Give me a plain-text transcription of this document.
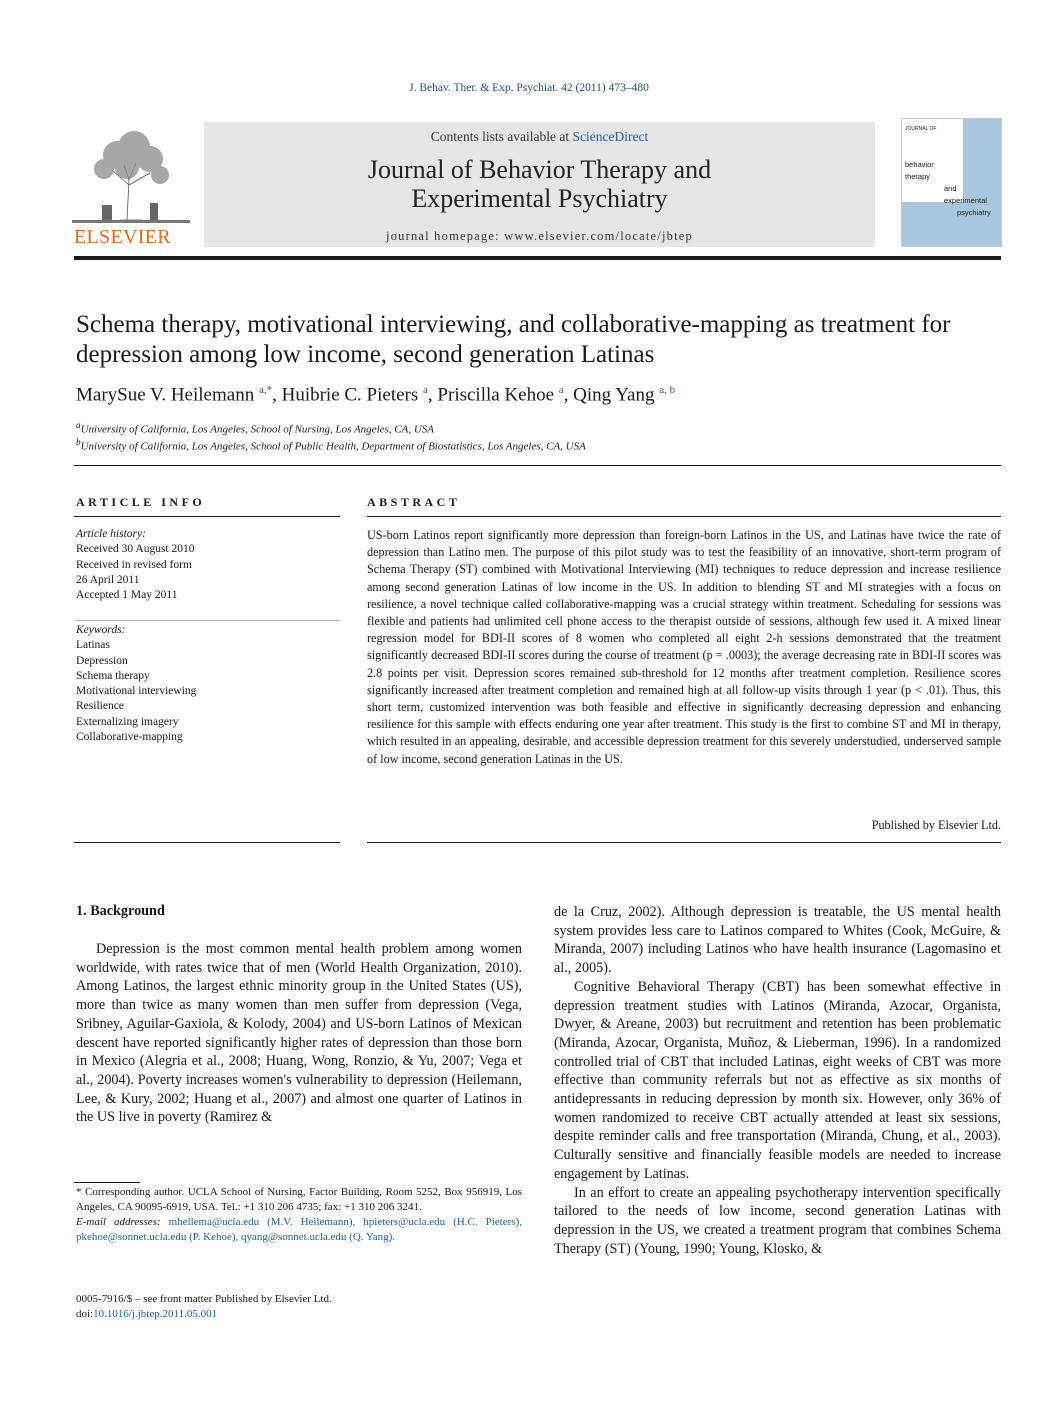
J. Behav. Ther. & Exp. Psychiat. 42 (2011) 473–480
ELSEVIER
Contents lists available at ScienceDirect
Journal of Behavior Therapy and
Experimental Psychiatry
journal homepage: www.elsevier.com/locate/jbtep
JOURNAL OF
behavior
therapy
and
experimental
psychiatry
Schema therapy, motivational interviewing, and collaborative-mapping as treatment for depression among low income, second generation Latinas
MarySue V. Heilemann $^{a,*}$, Huibrie C. Pieters $^a$, Priscilla Kehoe $^a$, Qing Yang $^{a, b}$
$^a$University of California, Los Angeles, School of Nursing, Los Angeles, CA, USA
$^b$University of California, Los Angeles, School of Public Health, Department of Biostatistics, Los Angeles, CA, USA
ARTICLE INFO
Article history:
Received 30 August 2010
Received in revised form
26 April 2011
Accepted 1 May 2011
Keywords:
Latinas
Depression
Schema therapy
Motivational interviewing
Resilience
Externalizing imagery
Collaborative-mapping
ABSTRACT
US-born Latinos report significantly more depression than foreign-born Latinos in the US, and Latinas have twice the rate of depression than Latino men. The purpose of this pilot study was to test the feasibility of an innovative, short-term program of Schema Therapy (ST) combined with Motivational Interviewing (MI) techniques to reduce depression and increase resilience among second generation Latinas of low income in the US. In addition to blending ST and MI strategies with a focus on resilience, a novel technique called collaborative-mapping was a crucial strategy within treatment. Scheduling for sessions was flexible and patients had unlimited cell phone access to the therapist outside of sessions, although few used it. A mixed linear regression model for BDI-II scores of 8 women who completed all eight 2-h sessions demonstrated that the treatment significantly decreased BDI-II scores during the course of treatment (p = .0003); the average decreasing rate in BDI-II scores was 2.8 points per visit. Depression scores remained sub-threshold for 12 months after treatment completion. Resilience scores significantly increased after treatment completion and remained high at all follow-up visits through 1 year (p < .01). Thus, this short term, customized intervention was both feasible and effective in significantly decreasing depression and enhancing resilience for this sample with effects enduring one year after treatment. This study is the first to combine ST and MI in therapy, which resulted in an appealing, desirable, and accessible depression treatment for this severely understudied, underserved sample of low income, second generation Latinas in the US.
Published by Elsevier Ltd.
1. Background

Depression is the most common mental health problem among women worldwide, with rates twice that of men (World Health Organization, 2010). Among Latinos, the largest ethnic minority group in the United States (US), more than twice as many women than men suffer from depression (Vega, Sribney, Aguilar-Gaxiola, & Kolody, 2004) and US-born Latinos of Mexican descent have reported significantly higher rates of depression than those born in Mexico (Alegria et al., 2008; Huang, Wong, Ronzio, & Yu, 2007; Vega et al., 2004). Poverty increases women's vulnerability to depression (Heilemann, Lee, & Kury, 2002; Huang et al., 2007) and almost one quarter of Latinos in the US live in poverty (Ramirez &

de la Cruz, 2002). Although depression is treatable, the US mental health system provides less care to Latinos compared to Whites (Cook, McGuire, & Miranda, 2007) including Latinos who have health insurance (Lagomasino et al., 2005).

Cognitive Behavioral Therapy (CBT) has been somewhat effective in depression treatment studies with Latinos (Miranda, Azocar, Organista, Dwyer, & Areane, 2003) but recruitment and retention has been problematic (Miranda, Azocar, Organista, Muñoz, & Lieberman, 1996). In a randomized controlled trial of CBT that included Latinas, eight weeks of CBT was more effective than community referrals but not as effective as six months of antidepressants in reducing depression by month six. However, only 36% of women randomized to receive CBT actually attended at least six sessions, despite reminder calls and free transportation (Miranda, Chung, et al., 2003). Culturally sensitive and financially feasible models are needed to increase engagement by Latinas.

In an effort to create an appealing psychotherapy intervention specifically tailored to the needs of low income, second generation Latinas with depression in the US, we created a treatment program that combines Schema Therapy (ST) (Young, 1990; Young, Klosko, &

* Corresponding author. UCLA School of Nursing, Factor Building, Room 5252, Box 956919, Los Angeles, CA 90095-6919, USA. Tel.: +1 310 206 4735; fax: +1 310 206 3241.
E-mail addresses: mhellema@ucla.edu (M.V. Heilemann), hpieters@ucla.edu (H.C. Pieters), pkehoe@sonnet.ucla.edu (P. Kehoe), qyang@sonnet.ucla.edu (Q. Yang).
0005-7916/$ – see front matter Published by Elsevier Ltd.
doi:10.1016/j.jbtep.2011.05.001
